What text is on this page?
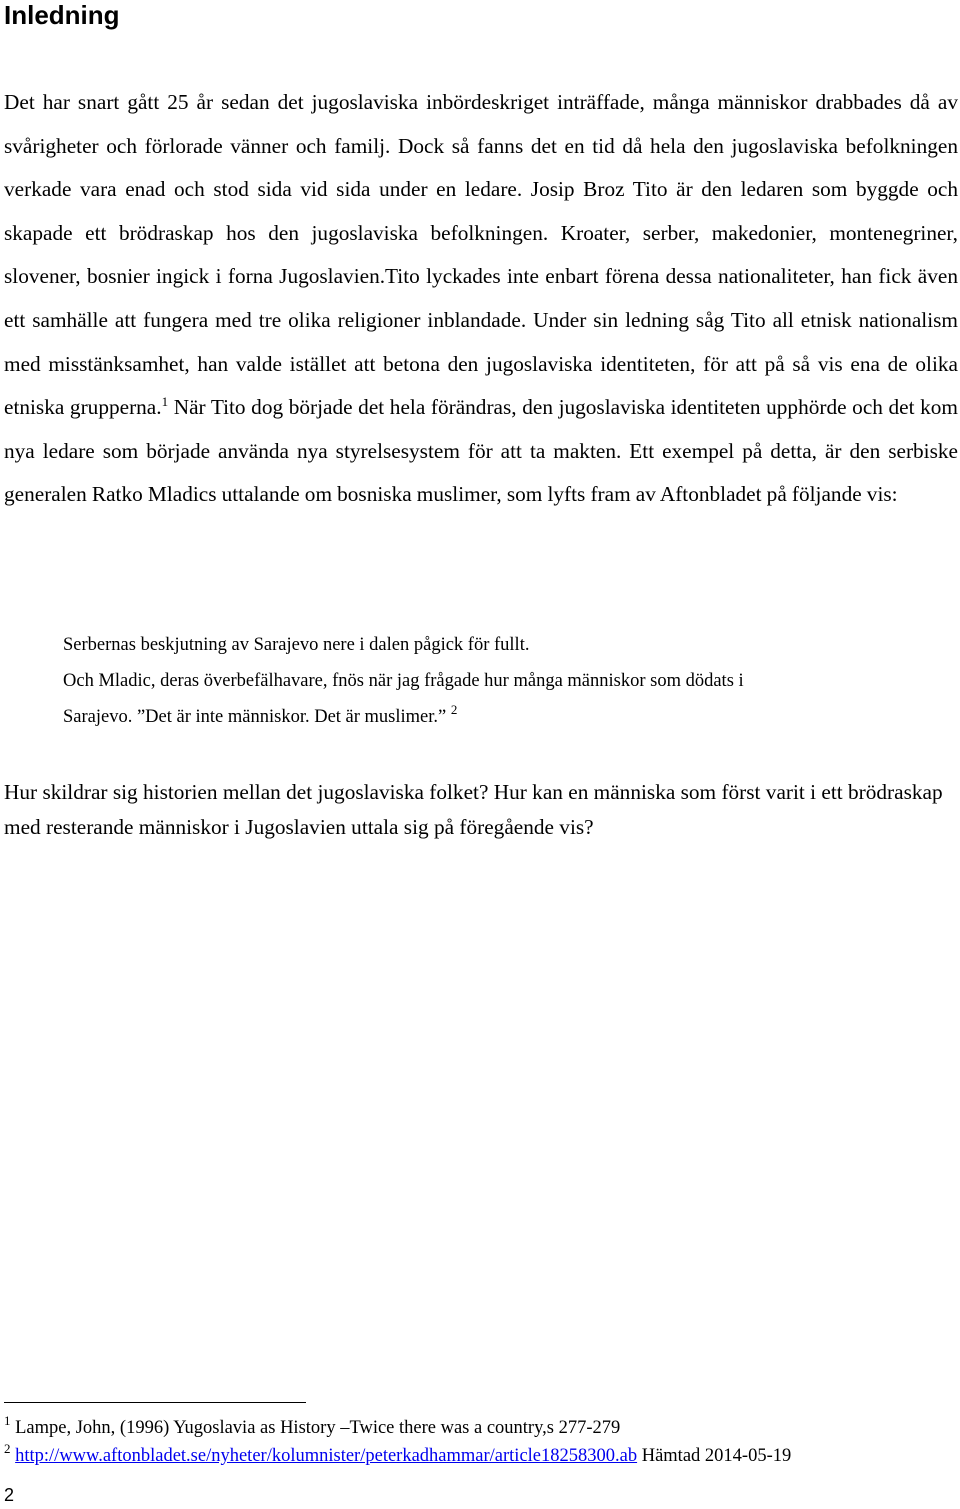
Inledning

Det har snart gått 25 år sedan det jugoslaviska inbördeskriget inträffade, många människor drabbades då av svårigheter och förlorade vänner och familj. Dock så fanns det en tid då hela den jugoslaviska befolkningen verkade vara enad och stod sida vid sida under en ledare. Josip Broz Tito är den ledaren som byggde och skapade ett brödraskap hos den jugoslaviska befolkningen. Kroater, serber, makedonier, montenegriner, slovener, bosnier ingick i forna Jugoslavien.Tito lyckades inte enbart förena dessa nationaliteter, han fick även ett samhälle att fungera med tre olika religioner inblandade. Under sin ledning såg Tito all etnisk nationalism med misstänksamhet, han valde istället att betona den jugoslaviska identiteten, för att på så vis ena de olika etniska grupperna.$^1$ När Tito dog började det hela förändras, den jugoslaviska identiteten upphörde och det kom nya ledare som började använda nya styrelsesystem för att ta makten. Ett exempel på detta, är den serbiske generalen Ratko Mladics uttalande om bosniska muslimer, som lyfts fram av Aftonbladet på följande vis:

Serbernas beskjutning av Sarajevo nere i dalen pågick för fullt.
Och Mladic, deras överbefälhavare, fnös när jag frågade hur många människor som dödats i
Sarajevo. ”Det är inte människor. Det är muslimer.” $^2$

Hur skildrar sig historien mellan det jugoslaviska folket? Hur kan en människa som först varit i ett brödraskap med resterande människor i Jugoslavien uttala sig på föregående vis?

$^1$ Lampe, John, (1996) Yugoslavia as History –Twice there was a country,s 277-279
$^2$ http://www.aftonbladet.se/nyheter/kolumnister/peterkadhammar/article18258300.ab Hämtad 2014-05-19
2
